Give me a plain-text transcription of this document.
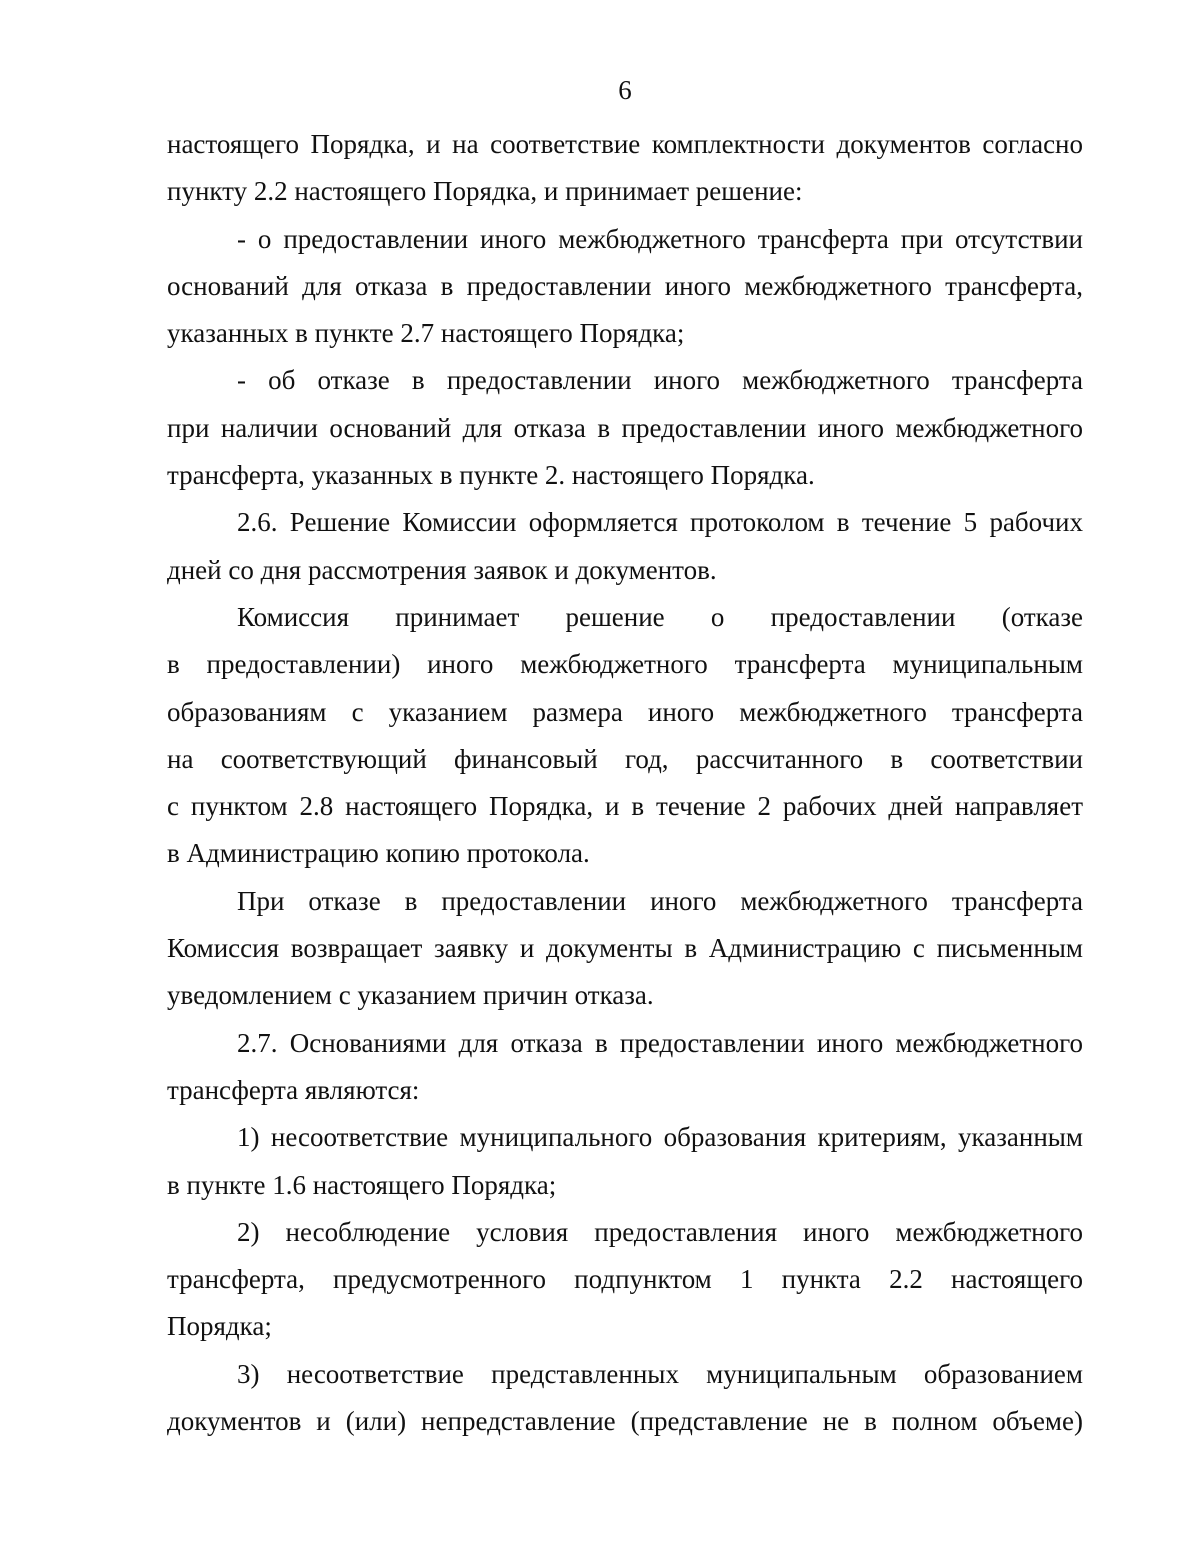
6

настоящего Порядка, и на соответствие комплектности документов согласно
пункту 2.2 настоящего Порядка, и принимает решение:

- о предоставлении иного межбюджетного трансферта при отсутствии
оснований для отказа в предоставлении иного межбюджетного трансферта,
указанных в пункте 2.7 настоящего Порядка;

- об отказе в предоставлении иного межбюджетного трансферта
при наличии оснований для отказа в предоставлении иного межбюджетного
трансферта, указанных в пункте 2. настоящего Порядка.

2.6. Решение Комиссии оформляется протоколом в течение 5 рабочих
дней со дня рассмотрения заявок и документов.

Комиссия принимает решение о предоставлении (отказе
в предоставлении) иного межбюджетного трансферта муниципальным
образованиям с указанием размера иного межбюджетного трансферта
на соответствующий финансовый год, рассчитанного в соответствии
с пунктом 2.8 настоящего Порядка, и в течение 2 рабочих дней направляет
в Администрацию копию протокола.

При отказе в предоставлении иного межбюджетного трансферта
Комиссия возвращает заявку и документы в Администрацию с письменным
уведомлением с указанием причин отказа.

2.7. Основаниями для отказа в предоставлении иного межбюджетного
трансферта являются:

1) несоответствие муниципального образования критериям, указанным
в пункте 1.6 настоящего Порядка;

2) несоблюдение условия предоставления иного межбюджетного
трансферта, предусмотренного подпунктом 1 пункта 2.2 настоящего
Порядка;

3) несоответствие представленных муниципальным образованием
документов и (или) непредставление (представление не в полном объеме)
